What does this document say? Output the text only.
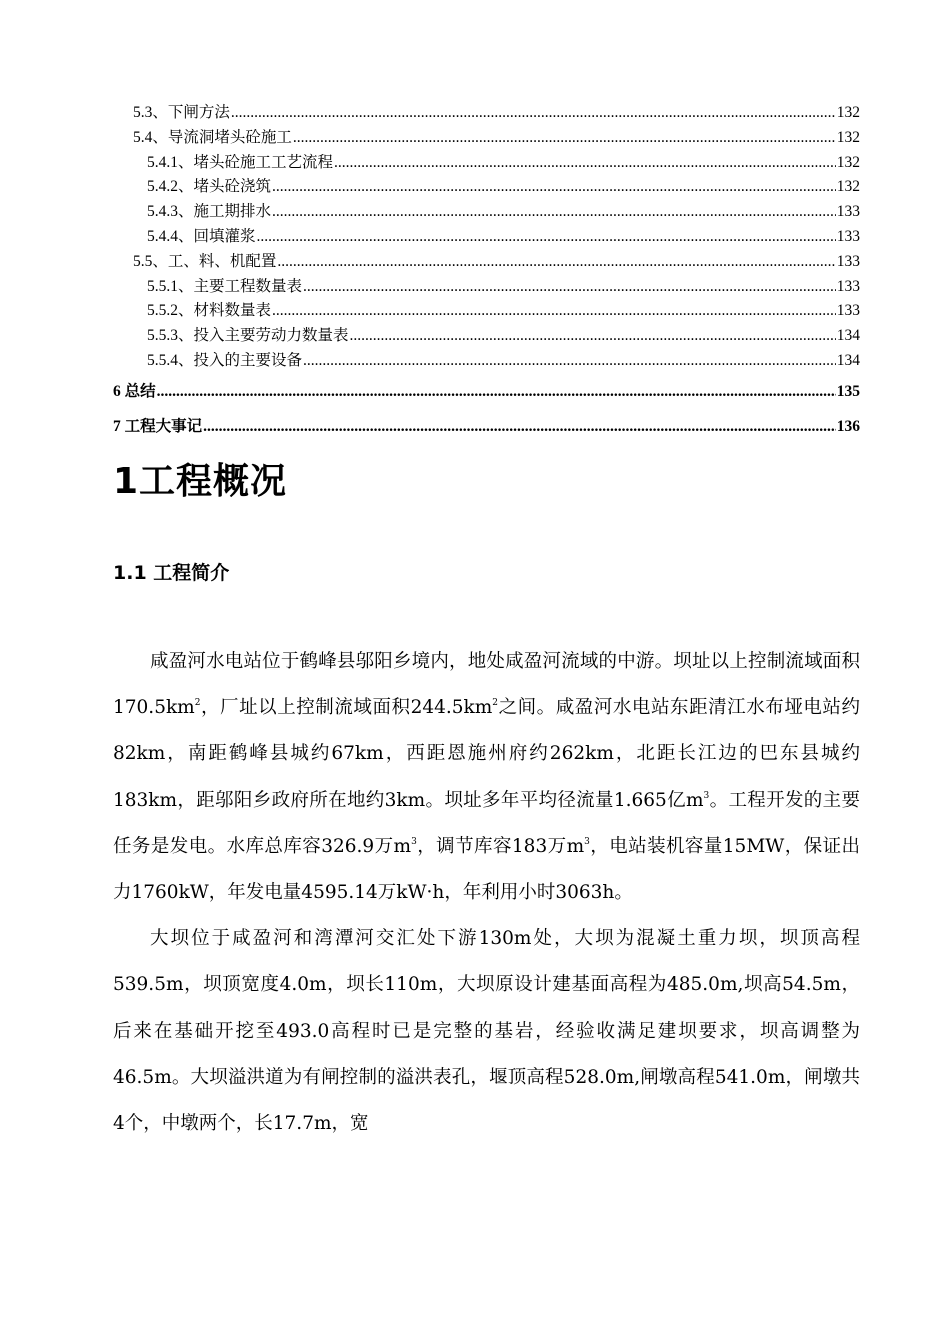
5.3、下闸方法 .....	132
5.4、导流洞堵头砼施工 .....	132
5.4.1、堵头砼施工工艺流程 .....	132
5.4.2、堵头砼浇筑 .....	132
5.4.3、施工期排水 .....	133
5.4.4、回填灌浆 .....	133
5.5、工、料、机配置 .....	133
5.5.1、主要工程数量表 .....	133
5.5.2、材料数量表 .....	133
5.5.3、投入主要劳动力数量表 .....	134
5.5.4、投入的主要设备 .....	134
6 总结 .....	135
7 工程大事记 .....	136
1工程概况
1.1 工程简介

咸盈河水电站位于鹤峰县邬阳乡境内，地处咸盈河流域的中游。坝址以上控制流域面积$170.5km^2$，厂址以上控制流域面积$244.5km^2$之间。咸盈河水电站东距清江水布垭电站约82km，南距鹤峰县城约67km，西距恩施州府约262km，北距长江边的巴东县城约183km，距邬阳乡政府所在地约3km。坝址多年平均径流量1.665亿$m^3$。工程开发的主要任务是发电。水库总库容326.9万$m^3$，调节库容183万$m^3$，电站装机容量15MW，保证出力1760kW，年发电量4595.14万kW·h，年利用小时3063h。

大坝位于咸盈河和湾潭河交汇处下游130m处，大坝为混凝土重力坝，坝顶高程539.5m，坝顶宽度4.0m，坝长110m，大坝原设计建基面高程为485.0m,坝高54.5m，后来在基础开挖至493.0高程时已是完整的基岩，经验收满足建坝要求，坝高调整为46.5m。大坝溢洪道为有闸控制的溢洪表孔，堰顶高程528.0m,闸墩高程541.0m，闸墩共4个，中墩两个，长17.7m，宽
